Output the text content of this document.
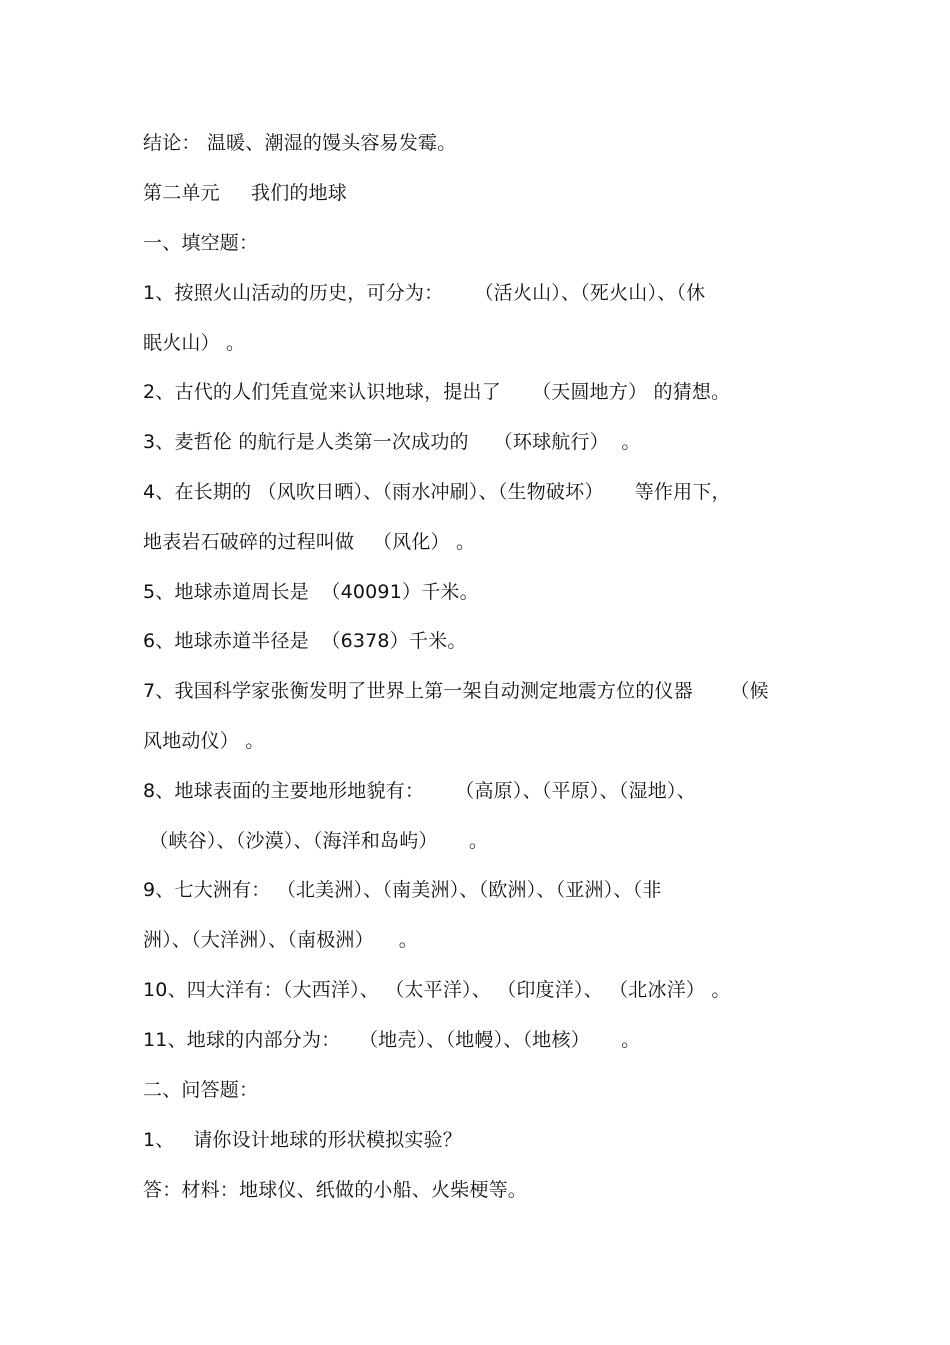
结论： 温暖、潮湿的馒头容易发霉。
第二单元     我们的地球
一、填空题：
1、按照火山活动的历史，可分为：     （活火山）、（死火山）、（休
眠火山） 。
2、古代的人们凭直觉来认识地球，提出了     （天圆地方） 的猜想。
3、麦哲伦 的航行是人类第一次成功的    （环球航行）  。
4、在长期的 （风吹日晒）、（雨水冲刷）、（生物破坏）     等作用下，
地表岩石破碎的过程叫做   （风化） 。
5、地球赤道周长是  （40091）千米。
6、地球赤道半径是  （6378）千米。
7、我国科学家张衡发明了世界上第一架自动测定地震方位的仪器      （候
风地动仪） 。
8、地球表面的主要地形地貌有：     （高原）、（平原）、（湿地）、
（峡谷）、（沙漠）、（海洋和岛屿）     。
9、七大洲有： （北美洲）、（南美洲）、（欧洲）、（亚洲）、（非
洲）、（大洋洲）、（南极洲）    。
10、四大洋有：（大西洋）、 （太平洋）、 （印度洋）、 （北冰洋） 。
11、地球的内部分为：   （地壳）、（地幔）、（地核）     。
二、问答题：
1、   请你设计地球的形状模拟实验？
答：材料：地球仪、纸做的小船、火柴梗等。
